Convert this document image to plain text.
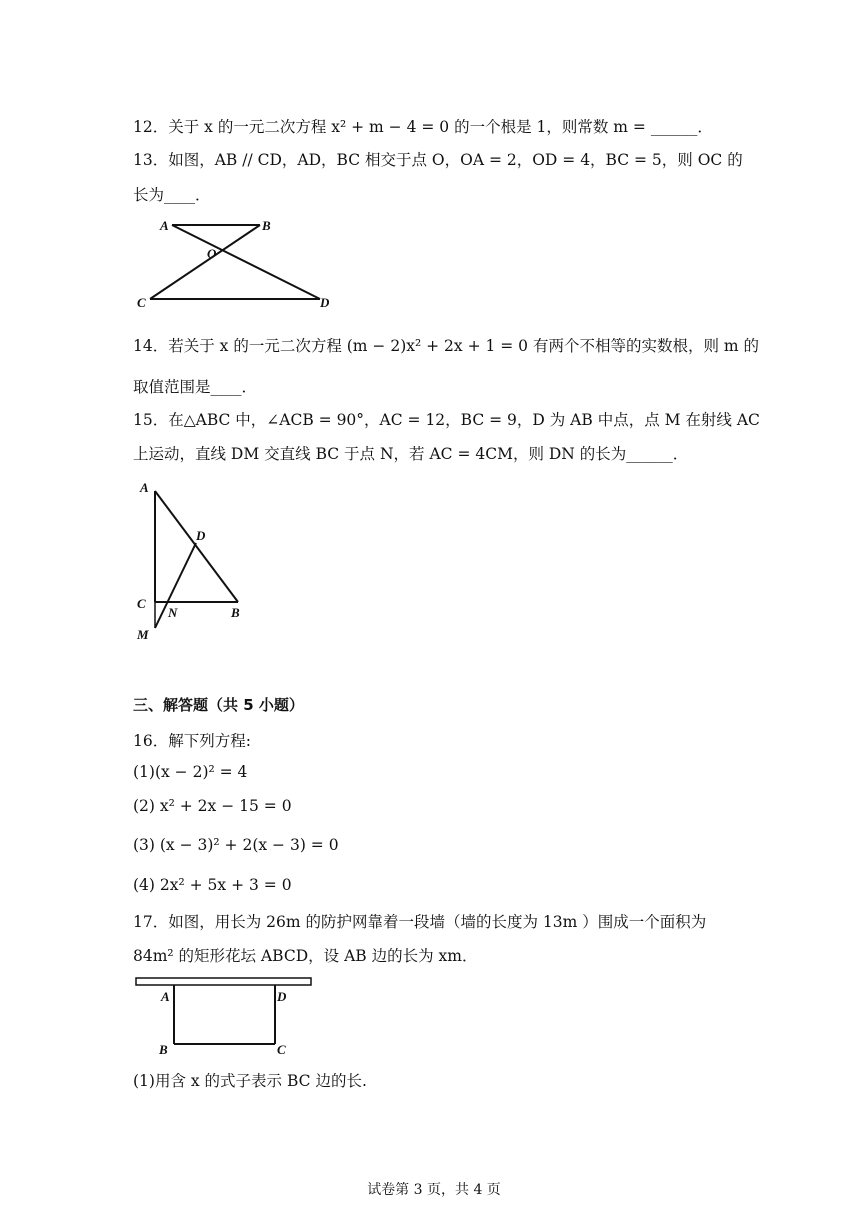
12．关于 x 的一元二次方程 x² + m − 4 = 0 的一个根是 1，则常数 m = ______．
13．如图，AB // CD，AD，BC 相交于点 O，OA = 2，OD = 4，BC = 5，则 OC 的
长为____．
A	B
O
C	D
14．若关于 x 的一元二次方程 (m − 2)x² + 2x + 1 = 0 有两个不相等的实数根，则 m 的
取值范围是____．
15．在△ABC 中，∠ACB = 90°，AC = 12，BC = 9，D 为 AB 中点，点 M 在射线 AC
上运动，直线 DM 交直线 BC 于点 N，若 AC = 4CM，则 DN 的长为______．
A
D
C
N	B
M
三、解答题（共 5 小题）
16．解下列方程:
(1)(x − 2)² = 4
(2) x² + 2x − 15 = 0
(3) (x − 3)² + 2(x − 3) = 0
(4) 2x² + 5x + 3 = 0
17．如图，用长为 26m 的防护网靠着一段墙（墙的长度为 13m ）围成一个面积为
84m² 的矩形花坛 ABCD，设 AB 边的长为 xm．
A	D
B	C
(1)用含 x 的式子表示 BC 边的长.
试卷第 3 页，共 4 页
